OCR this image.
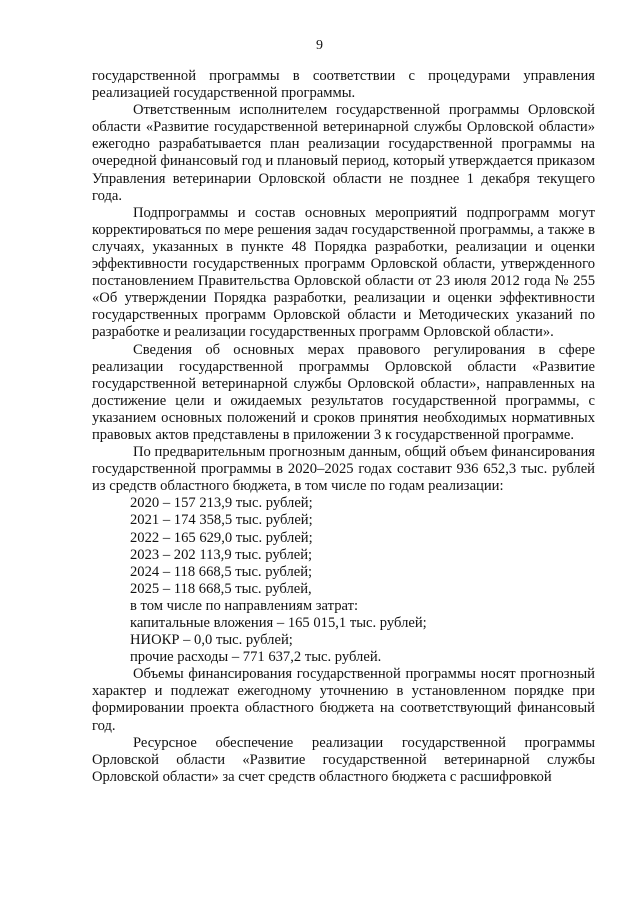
9

государственной программы в соответствии с процедурами управления реализацией государственной программы.

Ответственным исполнителем государственной программы Орловской области «Развитие государственной ветеринарной службы Орловской области» ежегодно разрабатывается план реализации государственной программы на очередной финансовый год и плановый период, который утверждается приказом Управления ветеринарии Орловской области не позднее 1 декабря текущего года.

Подпрограммы и состав основных мероприятий подпрограмм могут корректироваться по мере решения задач государственной программы, а также в случаях, указанных в пункте 48 Порядка разработки, реализации и оценки эффективности государственных программ Орловской области, утвержденного постановлением Правительства Орловской области от 23 июля 2012 года № 255 «Об утверждении Порядка разработки, реализации и оценки эффективности государственных программ Орловской области и Методических указаний по разработке и реализации государственных программ Орловской области».

Сведения об основных мерах правового регулирования в сфере реализации государственной программы Орловской области «Развитие государственной ветеринарной службы Орловской области», направленных на достижение цели и ожидаемых результатов государственной программы, с указанием основных положений и сроков принятия необходимых нормативных правовых актов представлены в приложении 3 к государственной программе.

По предварительным прогнозным данным, общий объем финансирования государственной программы в 2020–2025 годах составит 936 652,3 тыс. рублей из средств областного бюджета, в том числе по годам реализации:

2020 – 157 213,9 тыс. рублей;

2021 – 174 358,5 тыс. рублей;

2022 – 165 629,0 тыс. рублей;

2023 – 202 113,9 тыс. рублей;

2024 – 118 668,5 тыс. рублей;

2025 – 118 668,5 тыс. рублей,

в том числе по направлениям затрат:

капитальные вложения – 165 015,1 тыс. рублей;

НИОКР – 0,0 тыс. рублей;

прочие расходы – 771 637,2 тыс. рублей.

Объемы финансирования государственной программы носят прогнозный характер и подлежат ежегодному уточнению в установленном порядке при формировании проекта областного бюджета на соответствующий финансовый год.

Ресурсное обеспечение реализации государственной программы Орловской области «Развитие государственной ветеринарной службы Орловской области» за счет средств областного бюджета с расшифровкой
